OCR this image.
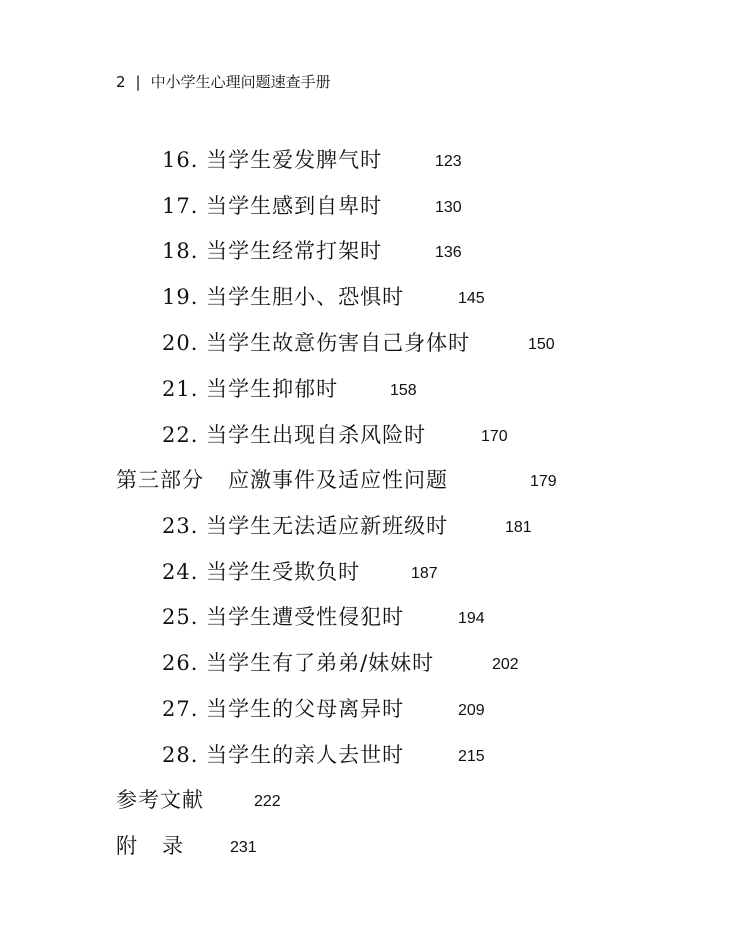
2 | 中小学生心理问题速查手册
16. 当学生爱发脾气时	123
17. 当学生感到自卑时	130
18. 当学生经常打架时	136
19. 当学生胆小、恐惧时	145
20. 当学生故意伤害自己身体时	150
21. 当学生抑郁时	158
22. 当学生出现自杀风险时	170
第三部分 应激事件及适应性问题	179
23. 当学生无法适应新班级时	181
24. 当学生受欺负时	187
25. 当学生遭受性侵犯时	194
26. 当学生有了弟弟/妹妹时	202
27. 当学生的父母离异时	209
28. 当学生的亲人去世时	215
参考文献	222
附 录	231
